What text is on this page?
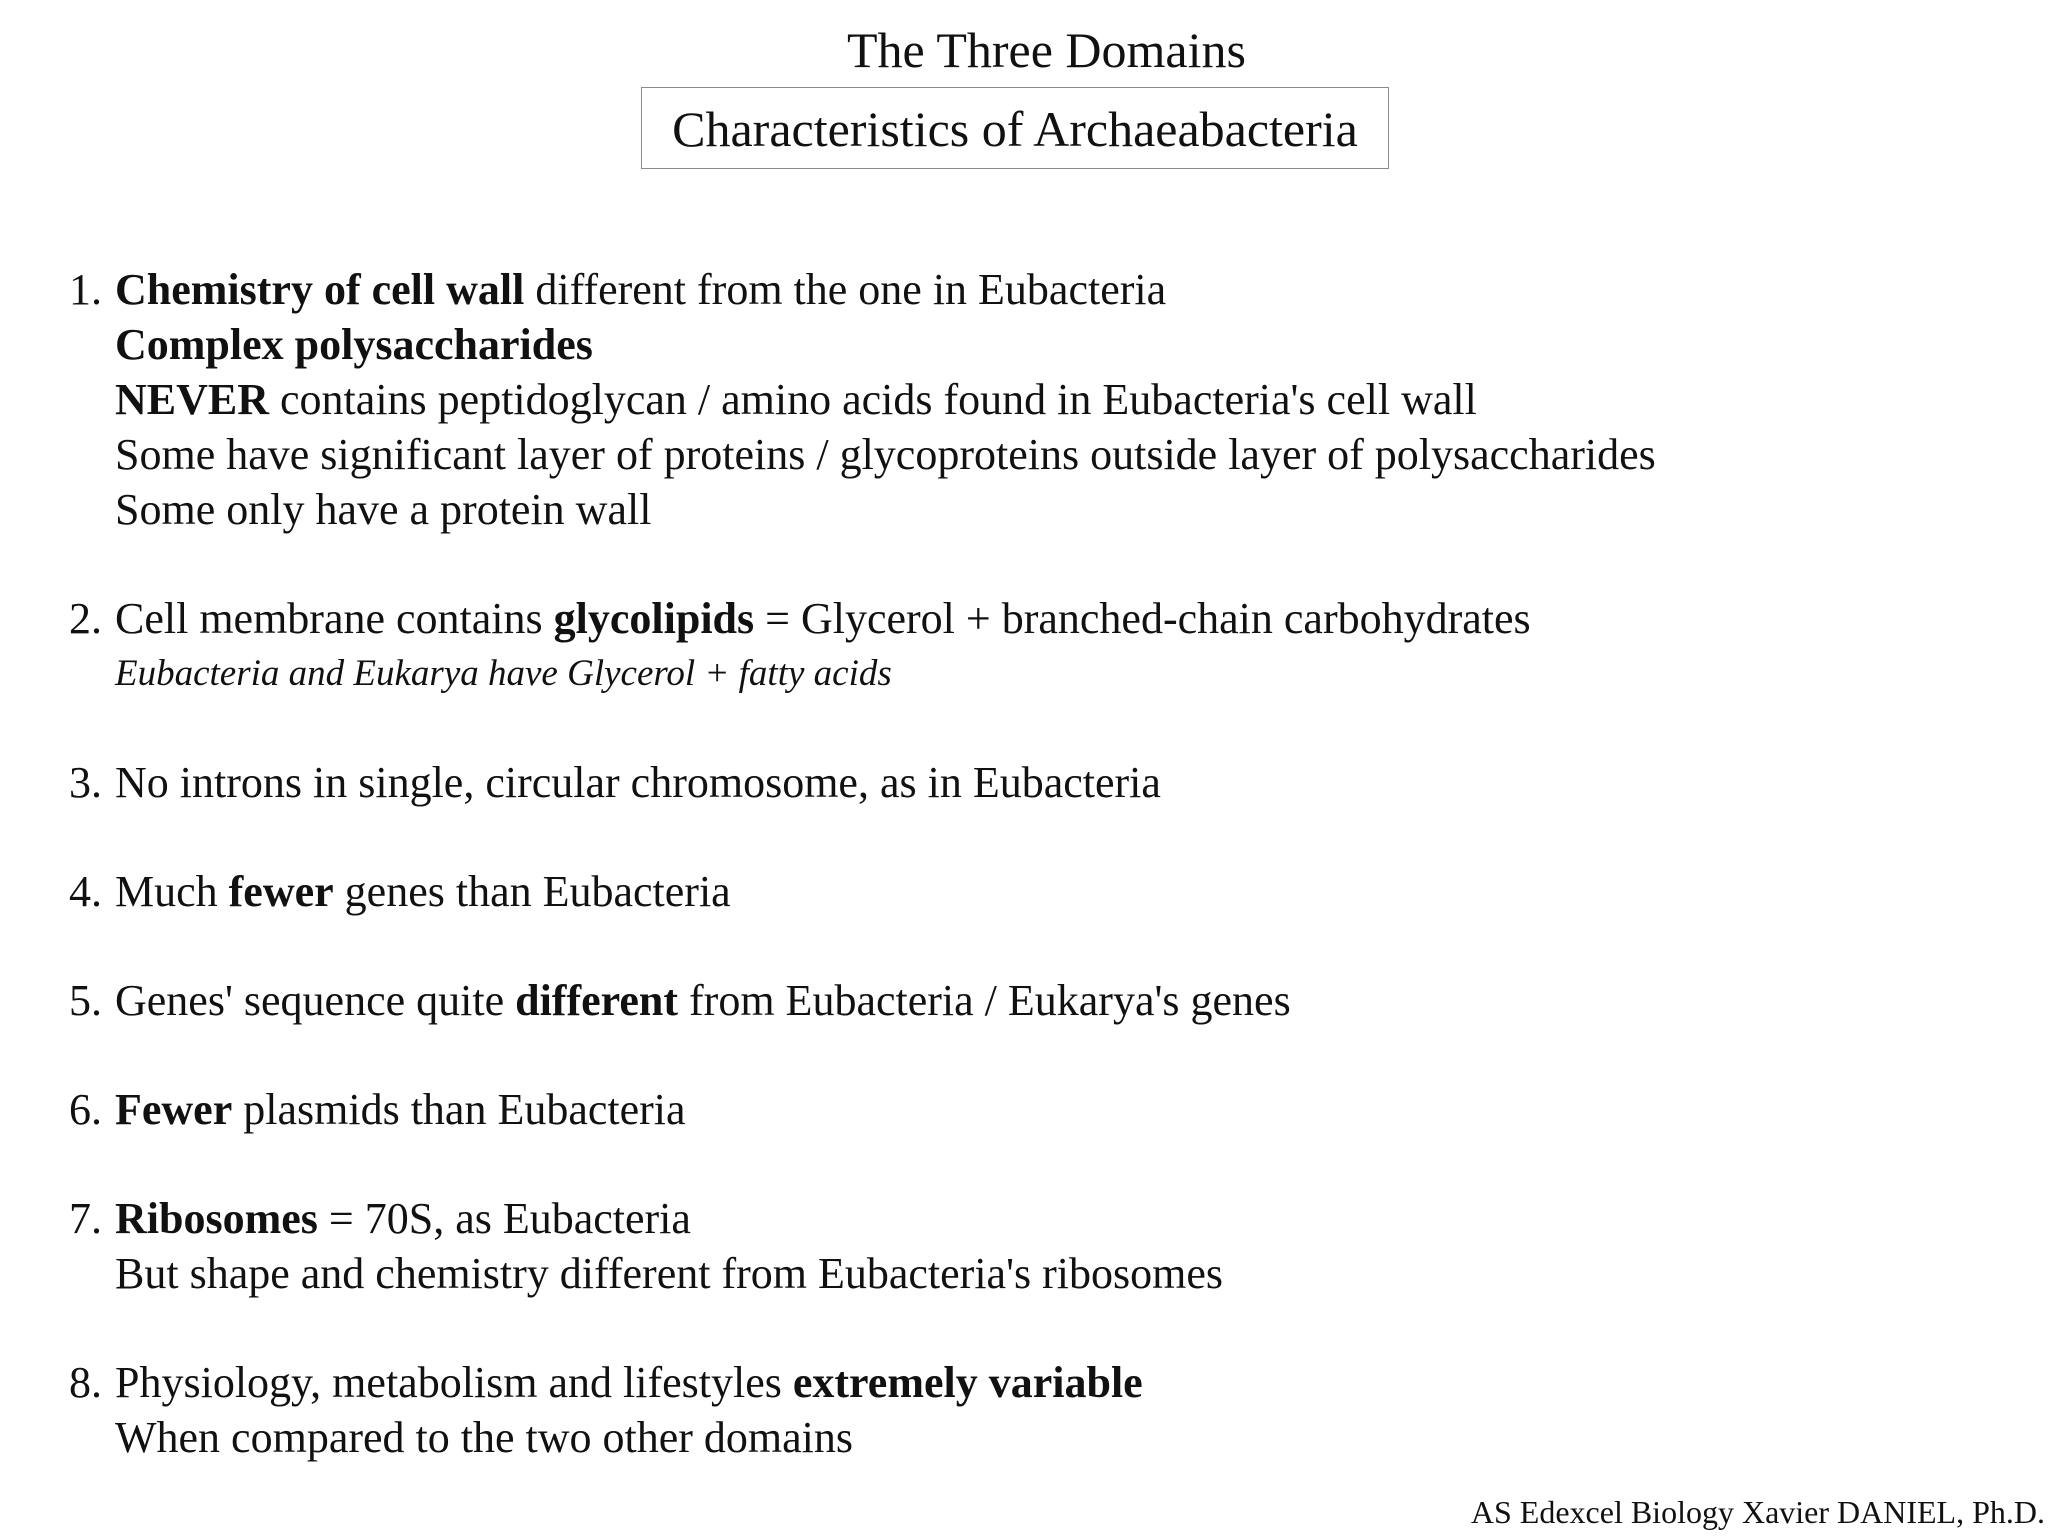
The Three Domains
Characteristics of Archaeabacteria
1. Chemistry of cell wall different from the one in Eubacteria
Complex polysaccharides
NEVER contains peptidoglycan / amino acids found in Eubacteria's cell wall
Some have significant layer of proteins / glycoproteins outside layer of polysaccharides
Some only have a protein wall
2. Cell membrane contains glycolipids = Glycerol + branched-chain carbohydrates
Eubacteria and Eukarya have Glycerol + fatty acids
3. No introns in single, circular chromosome, as in Eubacteria
4. Much fewer genes than Eubacteria
5. Genes' sequence quite different from Eubacteria / Eukarya's genes
6. Fewer plasmids than Eubacteria
7. Ribosomes = 70S, as Eubacteria
But shape and chemistry different from Eubacteria's ribosomes
8. Physiology, metabolism and lifestyles extremely variable
When compared to the two other domains
AS Edexcel Biology Xavier DANIEL, Ph.D.
